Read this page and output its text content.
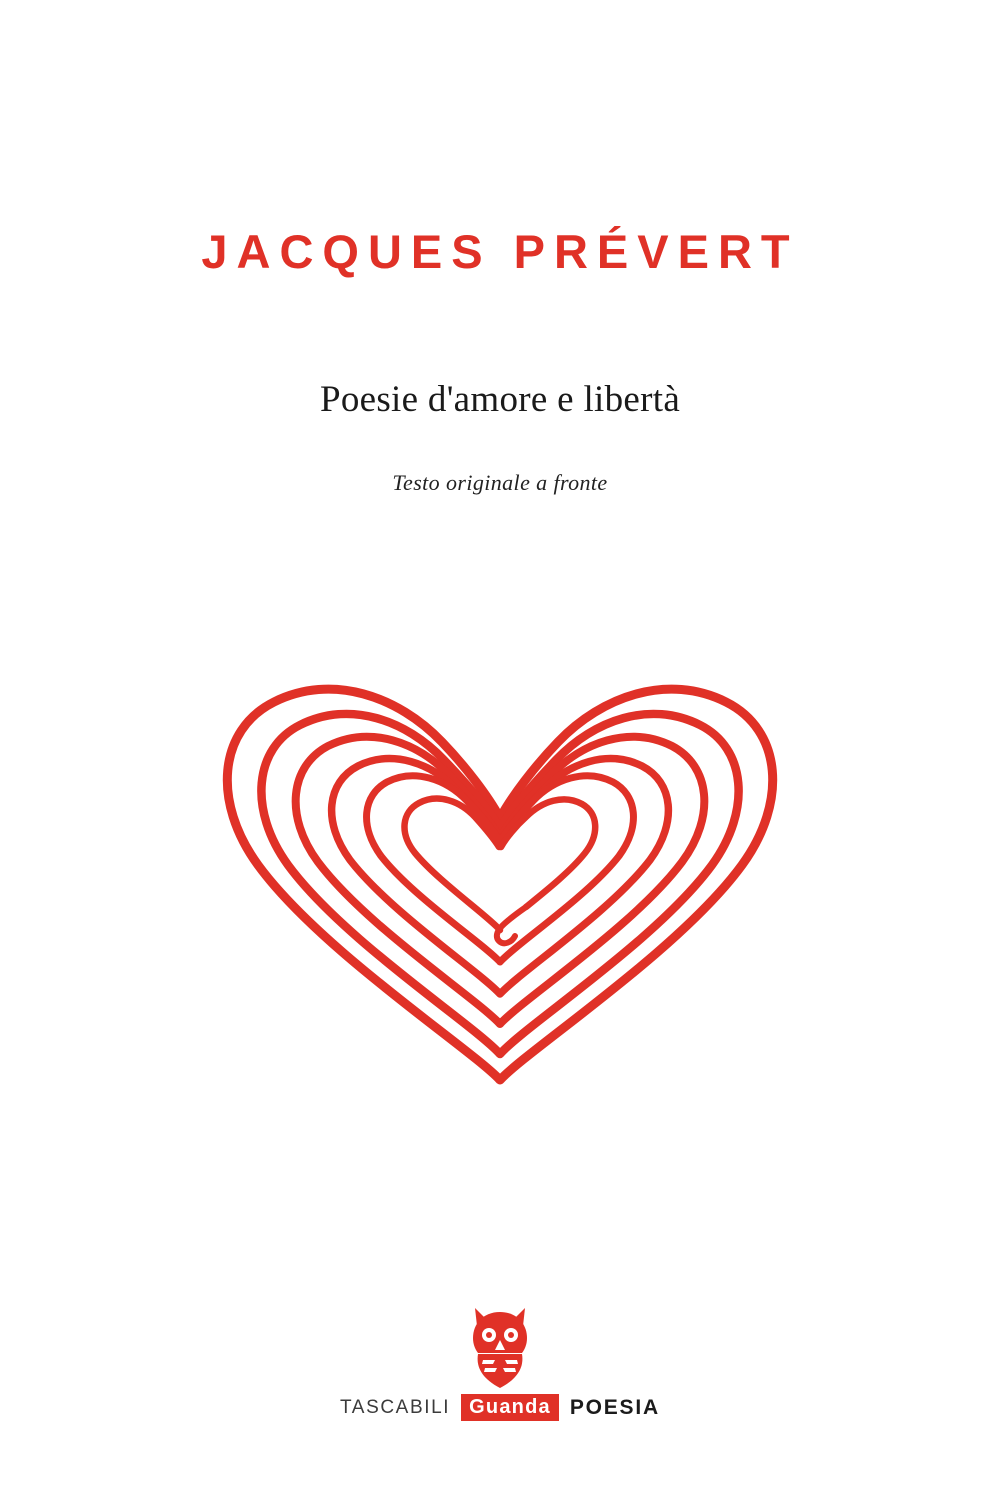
JACQUES PRÉVERT
Poesie d'amore e libertà
Testo originale a fronte
TASCABILI Guanda POESIA
